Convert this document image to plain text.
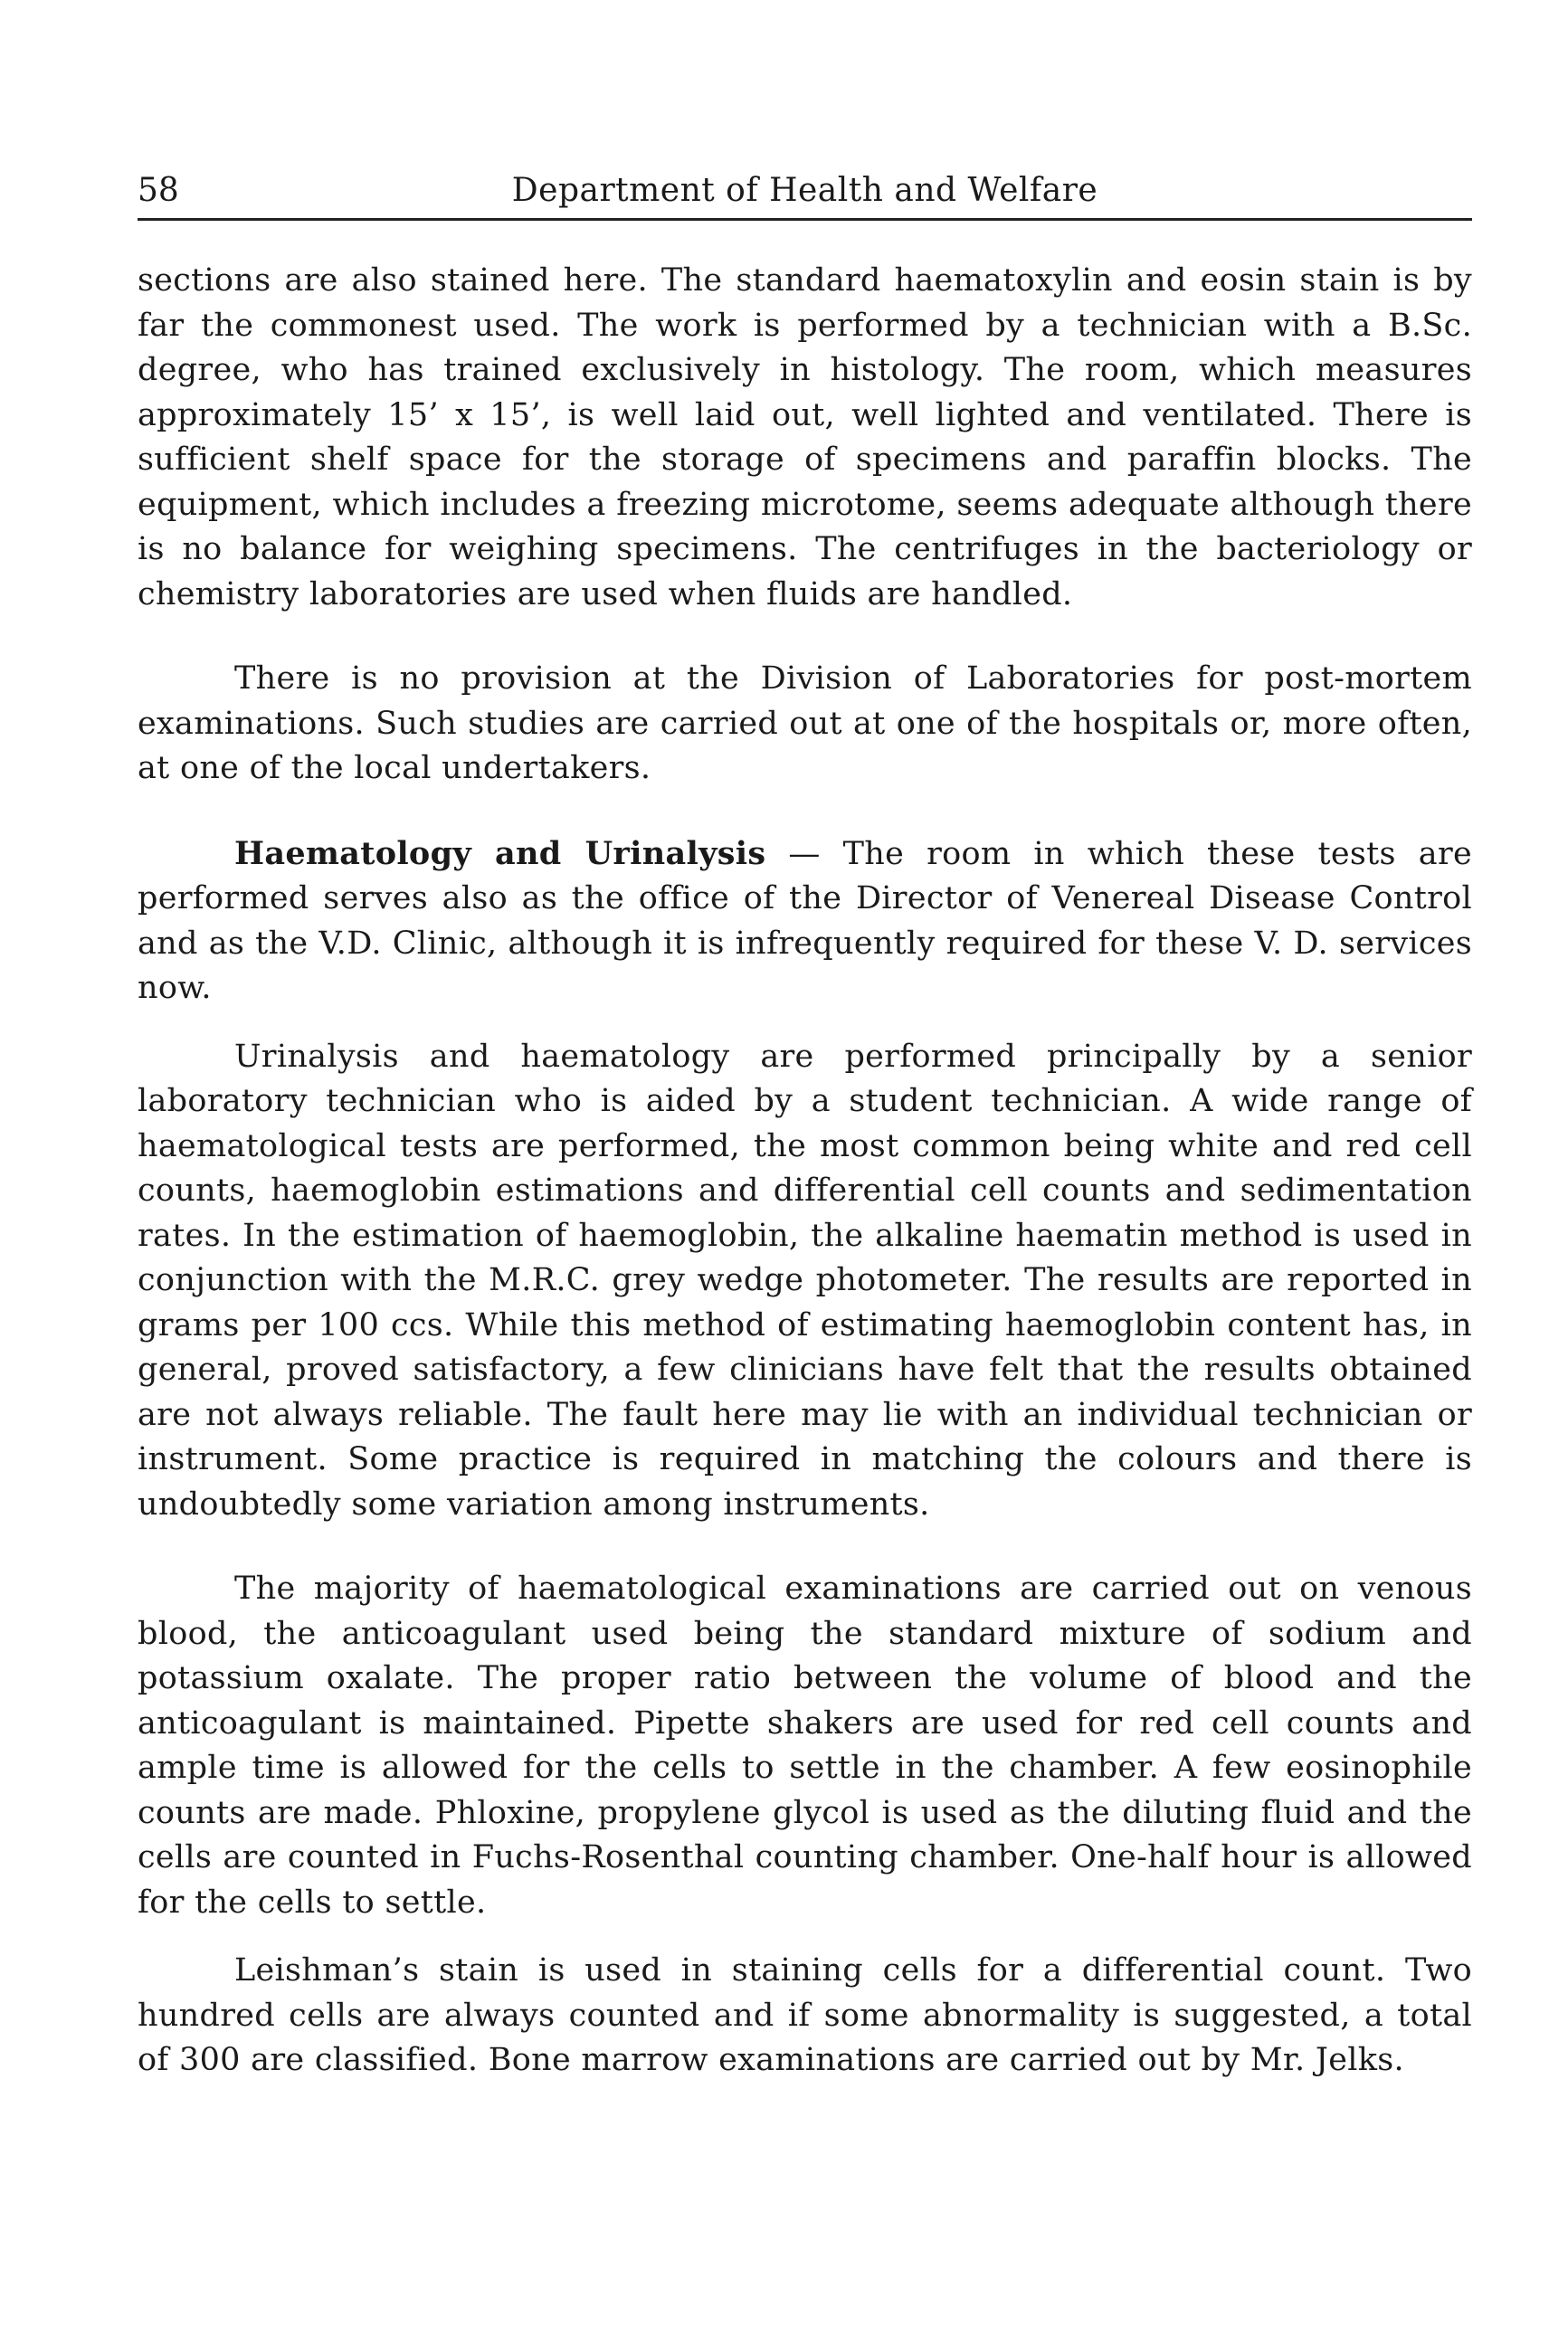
58	Department of Health and Welfare

sections are also stained here. The standard haematoxylin and eosin stain is by far the commonest used. The work is performed by a technician with a B.Sc. degree, who has trained exclusively in histology. The room, which measures approximately 15’ x 15’, is well laid out, well lighted and ventilated. There is sufficient shelf space for the storage of specimens and paraffin blocks. The equipment, which includes a freezing microtome, seems adequate although there is no balance for weighing specimens. The centrifuges in the bacteriology or chemistry laboratories are used when fluids are handled.

There is no provision at the Division of Laboratories for post-mortem examinations. Such studies are carried out at one of the hospitals or, more often, at one of the local undertakers.

Haematology and Urinalysis — The room in which these tests are performed serves also as the office of the Director of Venereal Disease Control and as the V.D. Clinic, although it is infrequently required for these V. D. services now.

Urinalysis and haematology are performed principally by a senior laboratory technician who is aided by a student technician. A wide range of haematological tests are performed, the most common being white and red cell counts, haemoglobin estimations and differential cell counts and sedimentation rates. In the estimation of haemoglobin, the alkaline haematin method is used in conjunction with the M.R.C. grey wedge photometer. The results are reported in grams per 100 ccs. While this method of estimating haemoglobin content has, in general, proved satisfactory, a few clinicians have felt that the results obtained are not always reliable. The fault here may lie with an individual technician or instrument. Some practice is required in matching the colours and there is undoubtedly some variation among instruments.

The majority of haematological examinations are carried out on venous blood, the anticoagulant used being the standard mixture of sodium and potassium oxalate. The proper ratio between the volume of blood and the anticoagulant is maintained. Pipette shakers are used for red cell counts and ample time is allowed for the cells to settle in the chamber. A few eosinophile counts are made. Phloxine, propylene glycol is used as the diluting fluid and the cells are counted in Fuchs-Rosenthal counting chamber. One-half hour is allowed for the cells to settle.

Leishman’s stain is used in staining cells for a differential count. Two hundred cells are always counted and if some abnormality is suggested, a total of 300 are classified. Bone marrow examinations are carried out by Mr. Jelks.
